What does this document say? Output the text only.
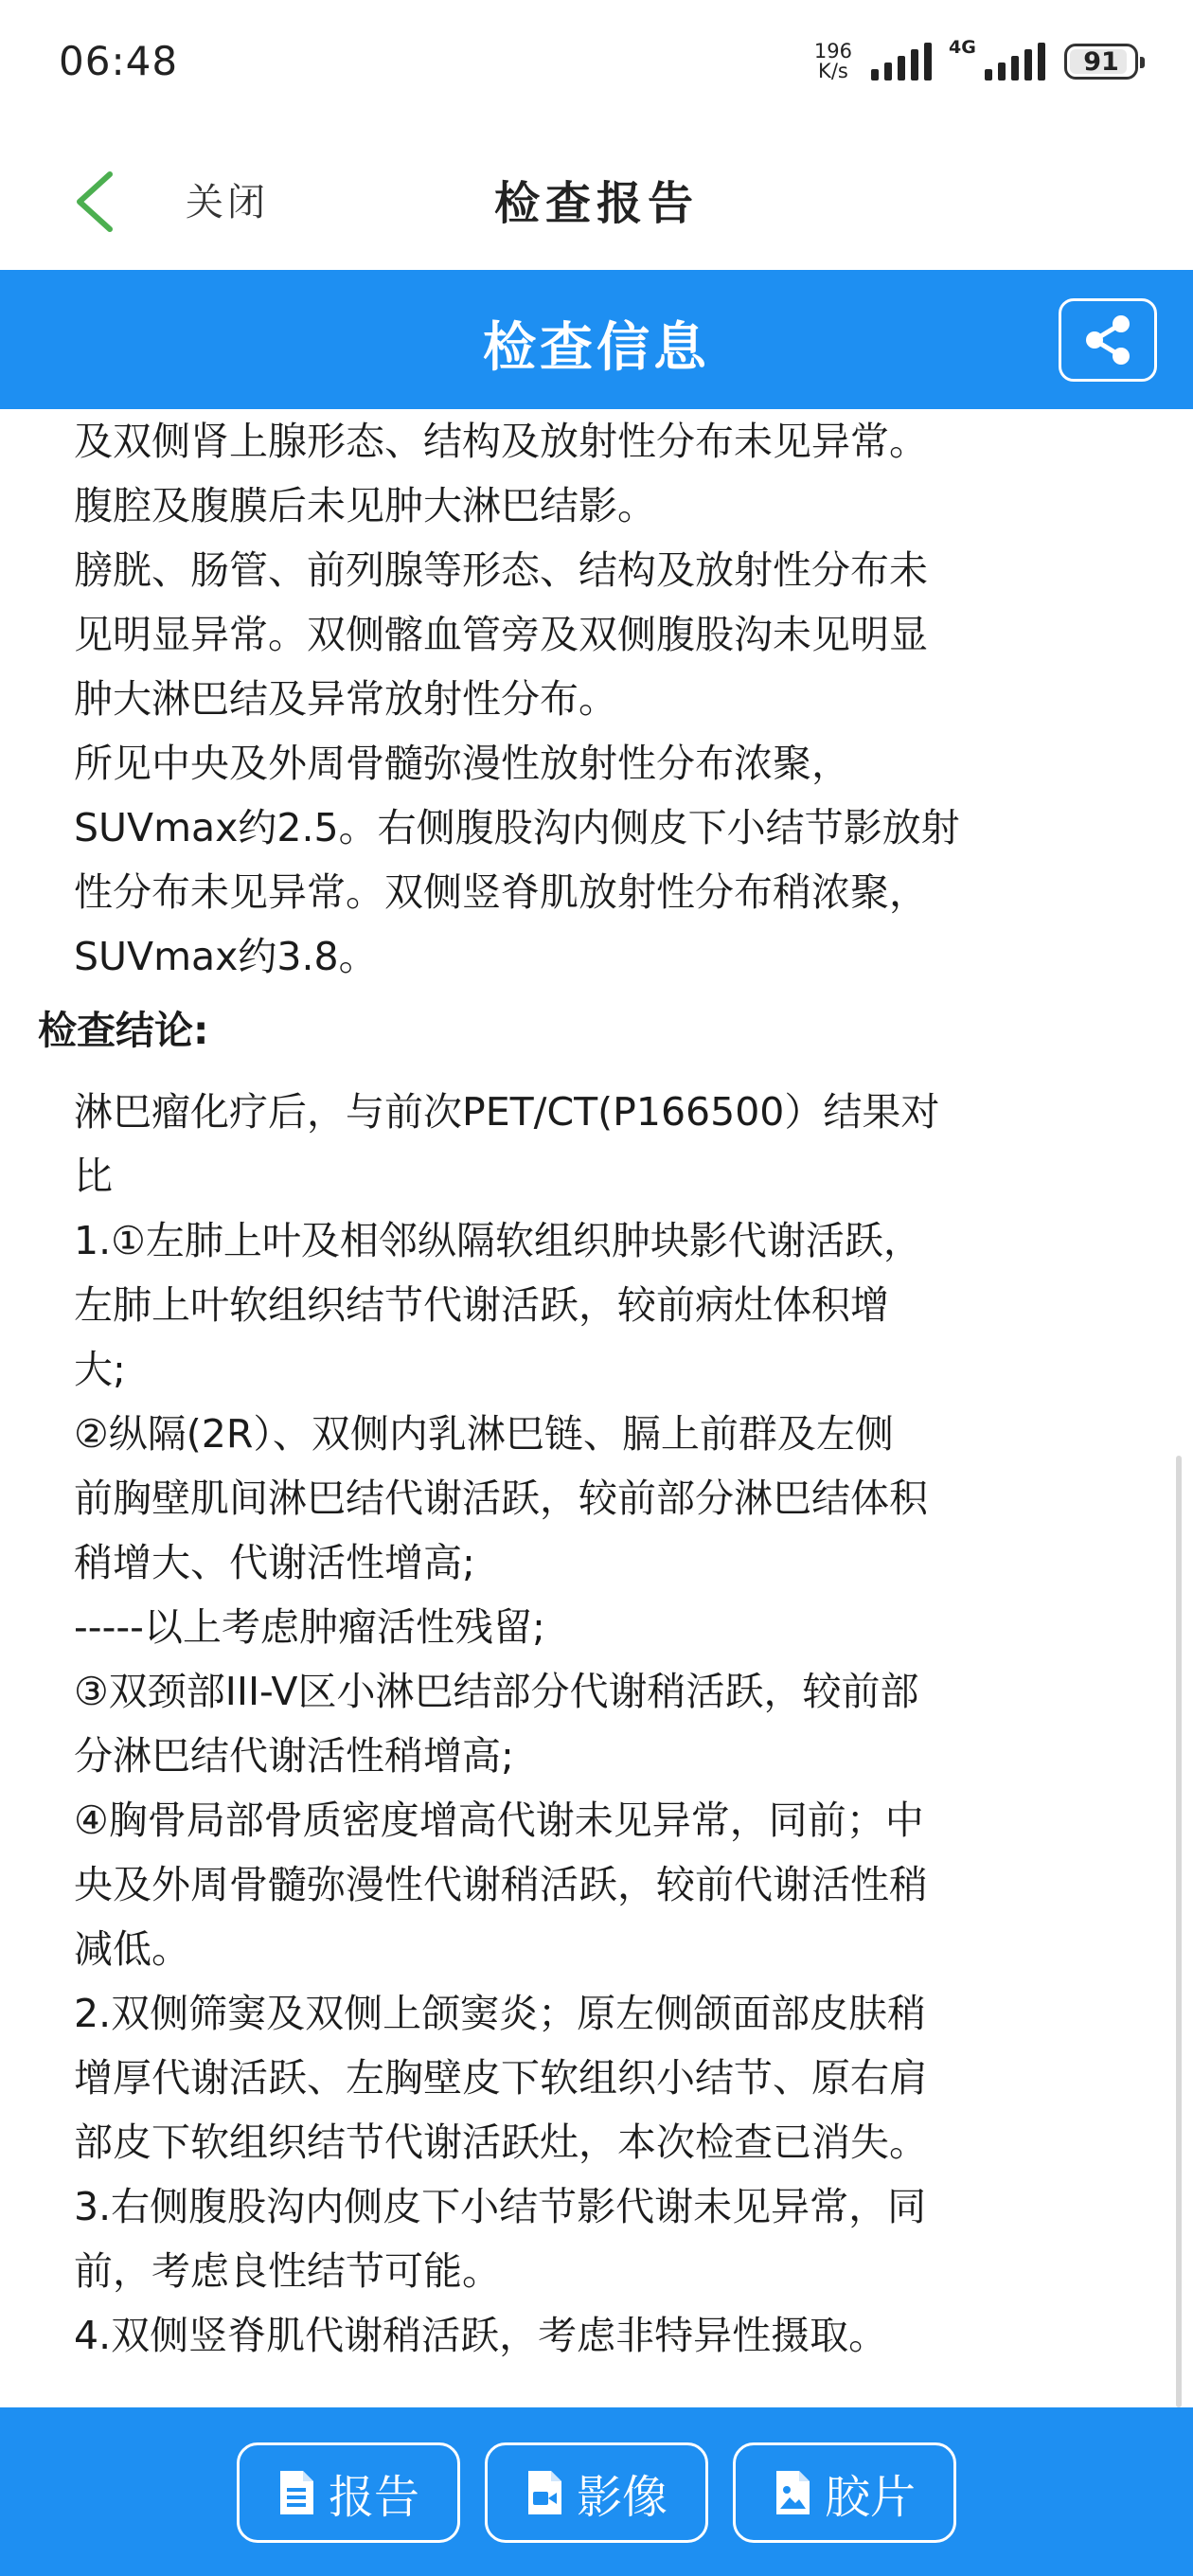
06:48	196
K/s
4G	91
关闭	检查报告
检查信息
及双侧肾上腺形态、结构及放射性分布未见异常。
腹腔及腹膜后未见肿大淋巴结影。
膀胱、肠管、前列腺等形态、结构及放射性分布未
见明显异常。双侧髂血管旁及双侧腹股沟未见明显
肿大淋巴结及异常放射性分布。
所见中央及外周骨髓弥漫性放射性分布浓聚，
SUVmax约2.5。右侧腹股沟内侧皮下小结节影放射
性分布未见异常。双侧竖脊肌放射性分布稍浓聚，
SUVmax约3.8。
检查结论:
淋巴瘤化疗后，与前次PET/CT(P166500）结果对
比
1.①左肺上叶及相邻纵隔软组织肿块影代谢活跃，
左肺上叶软组织结节代谢活跃，较前病灶体积增
大;
②纵隔(2R）、双侧内乳淋巴链、膈上前群及左侧
前胸壁肌间淋巴结代谢活跃，较前部分淋巴结体积
稍增大、代谢活性增高;
-----以上考虑肿瘤活性残留;
③双颈部III-V区小淋巴结部分代谢稍活跃，较前部
分淋巴结代谢活性稍增高;
④胸骨局部骨质密度增高代谢未见异常，同前；中
央及外周骨髓弥漫性代谢稍活跃，较前代谢活性稍
减低。
2.双侧筛窦及双侧上颌窦炎；原左侧颌面部皮肤稍
增厚代谢活跃、左胸壁皮下软组织小结节、原右肩
部皮下软组织结节代谢活跃灶，本次检查已消失。
3.右侧腹股沟内侧皮下小结节影代谢未见异常，同
前，考虑良性结节可能。
4.双侧竖脊肌代谢稍活跃，考虑非特异性摄取。
报告	影像	胶片
